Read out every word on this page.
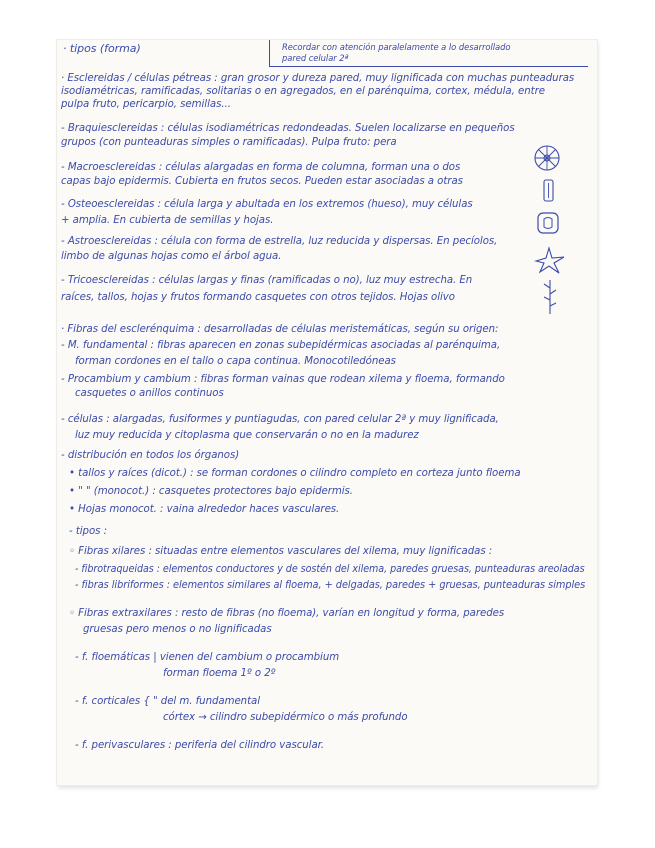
· tipos (forma)	Recordar con atención paralelamente a lo desarrollado
pared celular 2ª
· Esclereidas / células pétreas : gran grosor y dureza pared, muy lignificada con muchas punteaduras
isodiamétricas, ramificadas, solitarias o en agregados, en el parénquima, cortex, médula, entre
pulpa fruto, pericarpio, semillas...
- Braquiesclereidas : células isodiamétricas redondeadas. Suelen localizarse en pequeños
grupos (con punteaduras simples o ramificadas). Pulpa fruto: pera
- Macroesclereidas : células alargadas en forma de columna, forman una o dos
capas bajo epidermis. Cubierta en frutos secos. Pueden estar asociadas a otras
- Osteoesclereidas : célula larga y abultada en los extremos (hueso), muy células
+ amplia. En cubierta de semillas y hojas.
- Astroesclereidas : célula con forma de estrella, luz reducida y dispersas. En pecíolos,
limbo de algunas hojas como el árbol agua.
- Tricoesclereidas : células largas y finas (ramificadas o no), luz muy estrecha. En
raíces, tallos, hojas y frutos formando casquetes con otros tejidos. Hojas olivo
· Fibras del esclerénquima : desarrolladas de células meristemáticas, según su origen:
- M. fundamental : fibras aparecen en zonas subepidérmicas asociadas al parénquima,
forman cordones en el tallo o capa continua. Monocotiledóneas
- Procambium y cambium : fibras forman vainas que rodean xilema y floema, formando
casquetes o anillos continuos
- células : alargadas, fusiformes y puntiagudas, con pared celular 2ª y muy lignificada,
luz muy reducida y citoplasma que conservarán o no en la madurez
- distribución en todos los órganos)
• tallos y raíces (dicot.) : se forman cordones o cilindro completo en corteza junto floema
• " " (monocot.) : casquetes protectores bajo epidermis.
• Hojas monocot. : vaina alrededor haces vasculares.
- tipos :
◦ Fibras xilares : situadas entre elementos vasculares del xilema, muy lignificadas :
- fibrotraqueidas : elementos conductores y de sostén del xilema, paredes gruesas, punteaduras areoladas
- fibras libriformes : elementos similares al floema, + delgadas, paredes + gruesas, punteaduras simples
◦ Fibras extraxilares : resto de fibras (no floema), varían en longitud y forma, paredes
gruesas pero menos o no lignificadas
- f. floemáticas | vienen del cambium o procambium
forman floema 1º o 2º
- f. corticales { " del m. fundamental
córtex → cilindro subepidérmico o más profundo
- f. perivasculares : periferia del cilindro vascular.
